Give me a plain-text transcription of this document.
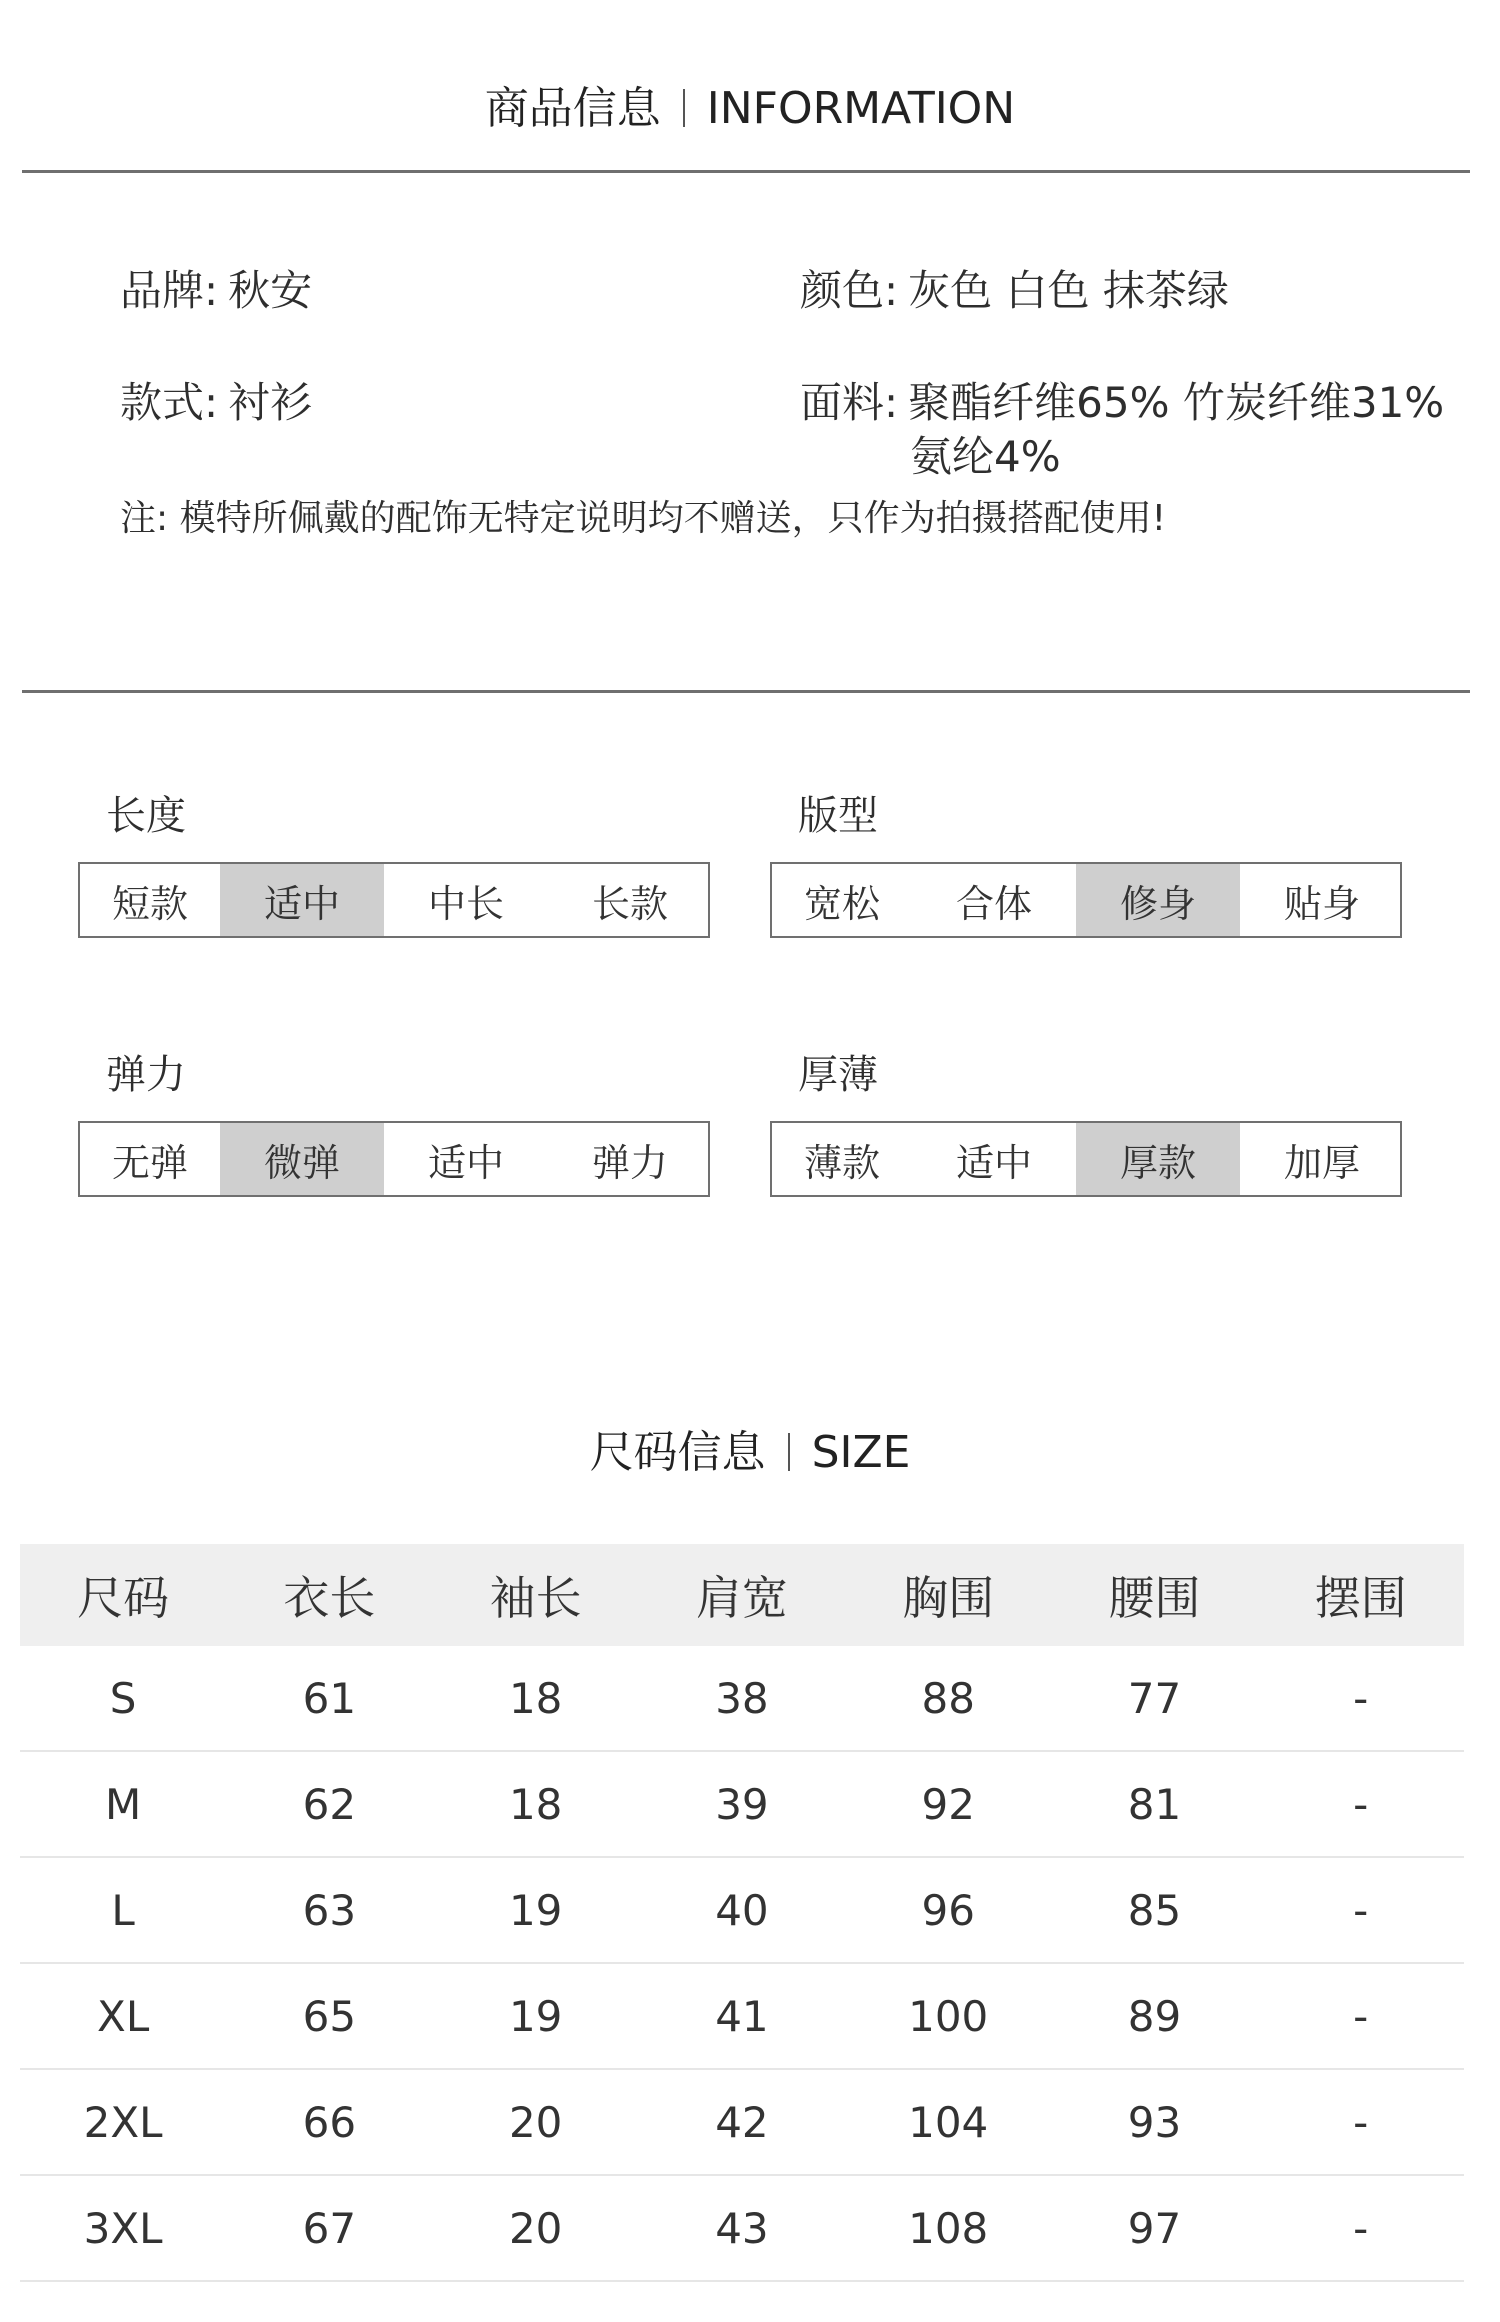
商品信息 INFORMATION
品牌: 秋安	颜色: 灰色 白色 抹茶绿
款式: 衬衫	面料: 聚酯纤维65% 竹炭纤维31%
氨纶4%
注: 模特所佩戴的配饰无特定说明均不赠送，只作为拍摄搭配使用!
长度
短款	适中	中长	长款
版型
宽松	合体	修身	贴身
弹力
无弹	微弹	适中	弹力
厚薄
薄款	适中	厚款	加厚
尺码信息 SIZE
尺码	衣长	袖长	肩宽	胸围	腰围	摆围
S	61	18	38	88	77	-
M	62	18	39	92	81	-
L	63	19	40	96	85	-
XL	65	19	41	100	89	-
2XL	66	20	42	104	93	-
3XL	67	20	43	108	97	-
